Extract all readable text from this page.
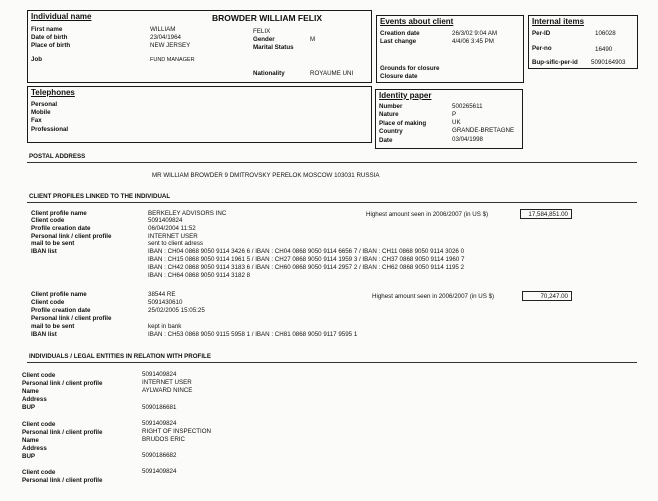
Individual name	BROWDER WILLIAM FELIX
First name	WILLIAM	FELIX
Date of birth	23/04/1964	Gender	M
Place of birth	NEW JERSEY	Marital Status
Job	FUND MANAGER
Nationality	ROYAUME UNI
Events about client
Creation date	26/3/02 9:04 AM
Last change	4/4/06 3:45 PM
Grounds for closure
Closure date
Internal items
Per-ID	106028
Per-no	16490
Bup-sific-per-id 5090164903
Telephones
Personal
Mobile
Fax
Professional
Identity paper
Number	500265611
Nature	P
Place of making	UK
Country	GRANDE-BRETAGNE
Date	03/04/1998
POSTAL ADDRESS
MR WILLIAM BROWDER 9 DMITROVSKY PERELOK MOSCOW 103031 RUSSIA
CLIENT PROFILES LINKED TO THE INDIVIDUAL
Client profile name	BERKELEY ADVISORS INC
Client code	5091409824
Profile creation date	06/04/2004 11:52
Personal link / client profile	INTERNET USER
mail to be sent	sent to client adress
IBAN list	IBAN : CH04 0868 9050 9114 3426 6 / IBAN : CH04 0868 9050 9114 6656 7 / IBAN : CH11 0868 9050 9114 3026 0
IBAN : CH15 0868 9050 9114 1961 5 / IBAN : CH27 0868 9050 9114 1959 3 / IBAN : CH37 0868 9050 9114 1960 7
IBAN : CH42 0868 9050 9114 3183 6 / IBAN : CH60 0868 9050 9114 2957 2 / IBAN : CH62 0868 9050 9114 1195 2
IBAN : CH64 0868 9050 9114 3182 8
Highest amount seen in 2006/2007 (in US $)	17,584,851.00
Client profile name	38544 RE
Client code	5091430610
Profile creation date	25/02/2005 15:05:25
Personal link / client profile
mail to be sent	kept in bank
IBAN list	IBAN : CH53 0868 9050 9115 5958 1 / IBAN : CH81 0868 9050 9117 9595 1
Highest amount seen in 2006/2007 (in US $)	70,247.00
INDIVIDUALS / LEGAL ENTITIES IN RELATION WITH PROFILE
Client code	5091409824
Personal link / client profile	INTERNET USER
Name	AYLWARD NINCE
Address
BUP	5090186681
Client code	5091409824
Personal link / client profile	RIGHT OF INSPECTION
Name	BRUDOS ERIC
Address
BUP	5090186682
Client code	5091409824
Personal link / client profile
